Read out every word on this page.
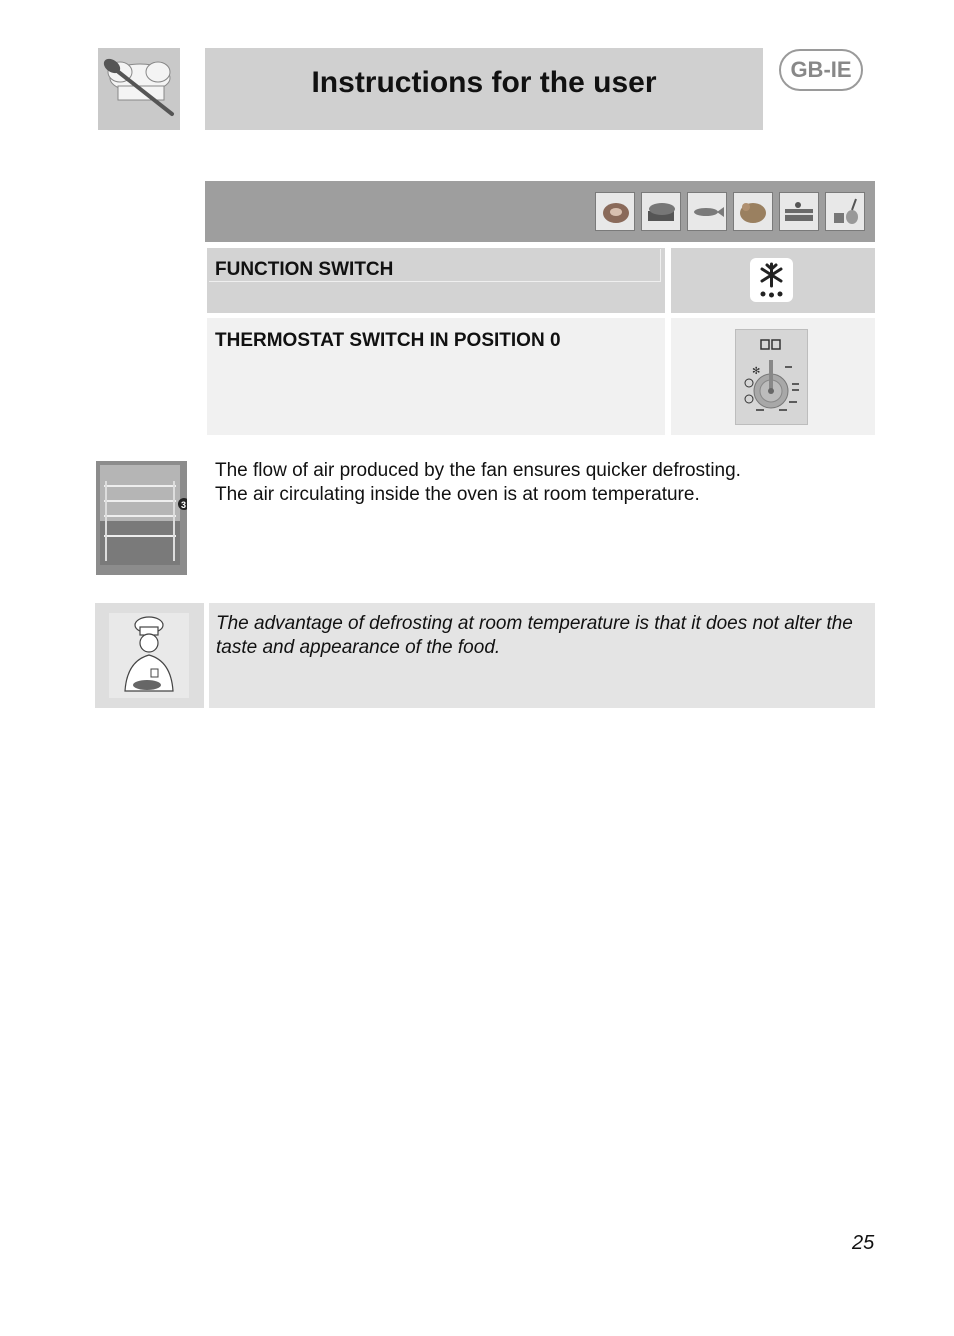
Instructions for the user	GB-IE
FUNCTION SWITCH
THERMOSTAT SWITCH IN POSITION 0
✻
3
The flow of air produced by the fan ensures quicker defrosting.
The air circulating inside the oven is at room temperature.
The advantage of defrosting at room temperature is that it does not alter the taste and appearance of the food.
25
